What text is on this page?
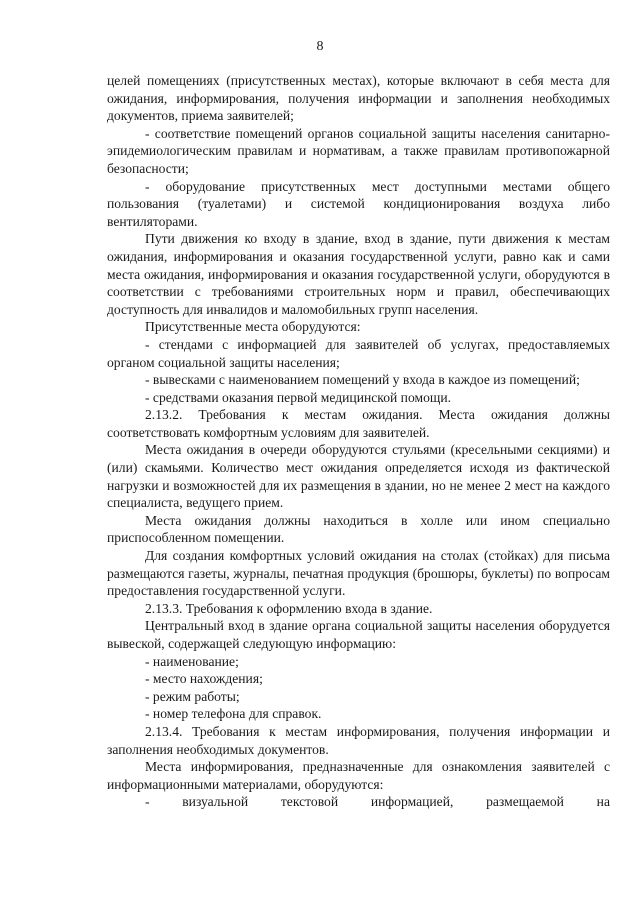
8

целей помещениях (присутственных местах), которые включают в себя места для ожидания, информирования, получения информации и заполнения необходимых документов, приема заявителей;

- соответствие помещений органов социальной защиты населения санитарно-эпидемиологическим правилам и нормативам, а также правилам противопожарной безопасности;

- оборудование присутственных мест доступными местами общего пользования (туалетами) и системой кондиционирования воздуха либо вентиляторами.

Пути движения ко входу в здание, вход в здание, пути движения к местам ожидания, информирования и оказания государственной услуги, равно как и сами места ожидания, информирования и оказания государственной услуги, оборудуются в соответствии с требованиями строительных норм и правил, обеспечивающих доступность для инвалидов и маломобильных групп населения.

Присутственные места оборудуются:

- стендами с информацией для заявителей об услугах, предоставляемых органом социальной защиты населения;

- вывесками с наименованием помещений у входа в каждое из помещений;

- средствами оказания первой медицинской помощи.

2.13.2. Требования к местам ожидания. Места ожидания должны соответствовать комфортным условиям для заявителей.

Места ожидания в очереди оборудуются стульями (кресельными секциями) и (или) скамьями. Количество мест ожидания определяется исходя из фактической нагрузки и возможностей для их размещения в здании, но не менее 2 мест на каждого специалиста, ведущего прием.

Места ожидания должны находиться в холле или ином специально приспособленном помещении.

Для создания комфортных условий ожидания на столах (стойках) для письма размещаются газеты, журналы, печатная продукция (брошюры, буклеты) по вопросам предоставления государственной услуги.

2.13.3. Требования к оформлению входа в здание.

Центральный вход в здание органа социальной защиты населения оборудуется вывеской, содержащей следующую информацию:

- наименование;

- место нахождения;

- режим работы;

- номер телефона для справок.

2.13.4. Требования к местам информирования, получения информации и заполнения необходимых документов.

Места информирования, предназначенные для ознакомления заявителей с информационными материалами, оборудуются:

- визуальной текстовой информацией, размещаемой на
